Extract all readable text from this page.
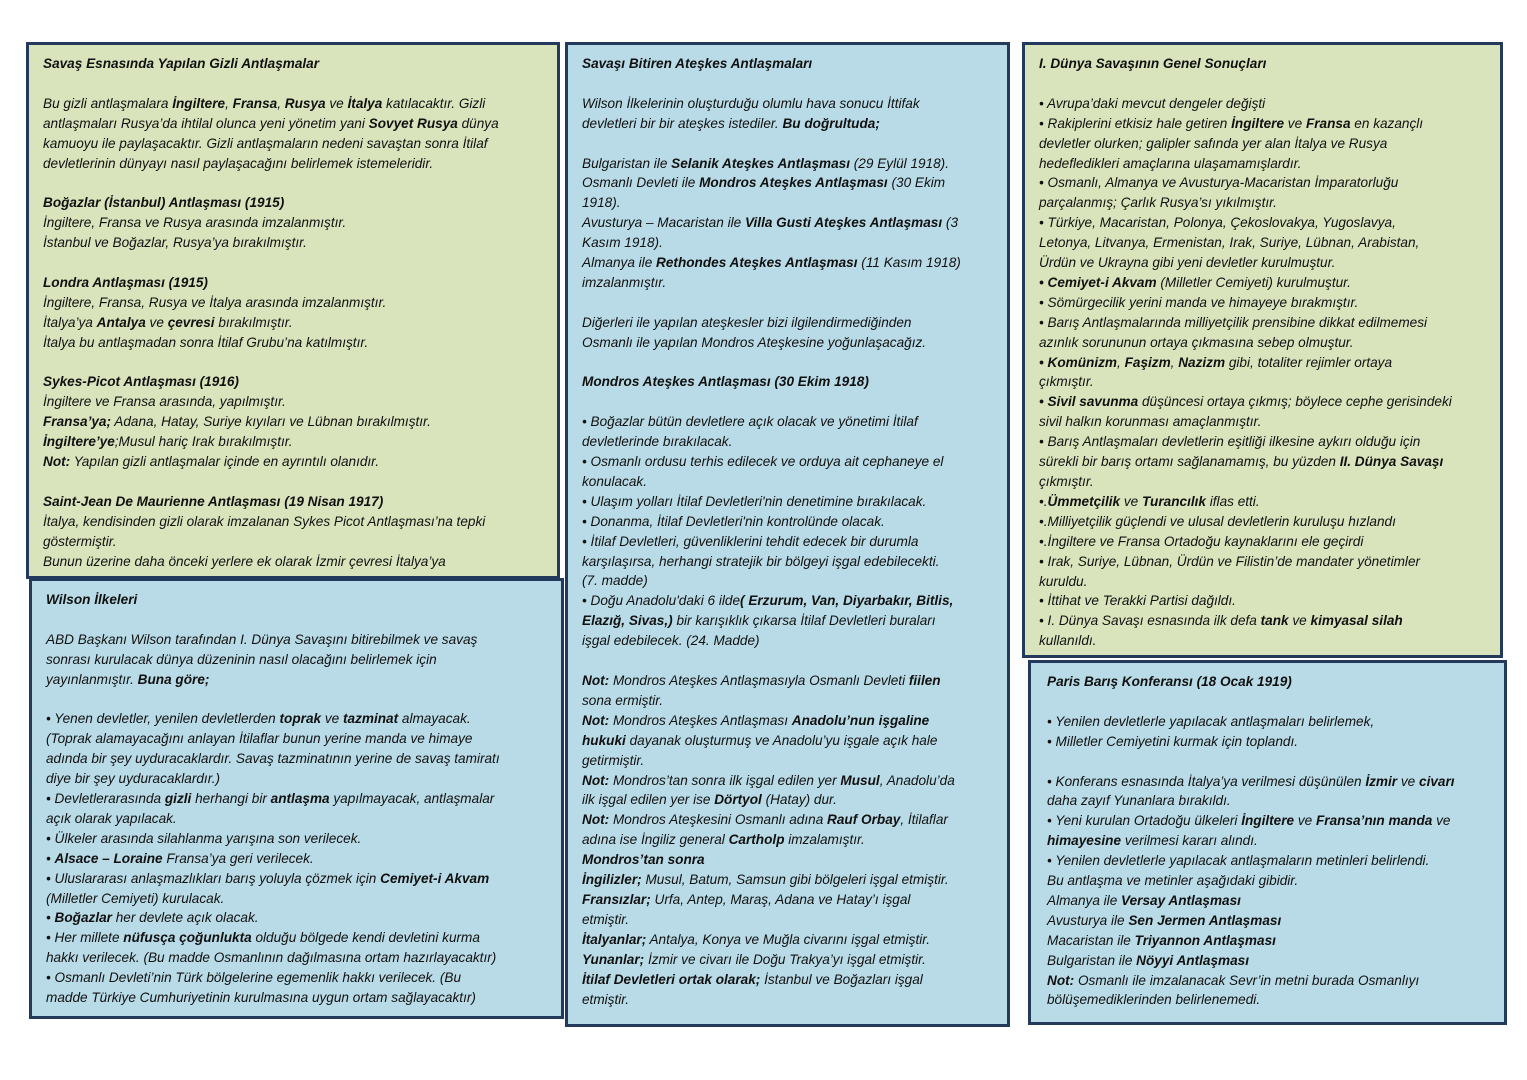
Savaş Esnasında Yapılan Gizli Antlaşmalar

Bu gizli antlaşmalara İngiltere, Fransa, Rusya ve İtalya katılacaktır. Gizli

antlaşmaları Rusya’da ihtilal olunca yeni yönetim yani Sovyet Rusya dünya

kamuoyu ile paylaşacaktır. Gizli antlaşmaların nedeni savaştan sonra İtilaf

devletlerinin dünyayı nasıl paylaşacağını belirlemek istemeleridir.

Boğazlar (İstanbul) Antlaşması (1915)

İngiltere, Fransa ve Rusya arasında imzalanmıştır.

İstanbul ve Boğazlar, Rusya’ya bırakılmıştır.

Londra Antlaşması (1915)

İngiltere, Fransa, Rusya ve İtalya arasında imzalanmıştır.

İtalya’ya Antalya ve çevresi bırakılmıştır.

İtalya bu antlaşmadan sonra İtilaf Grubu’na katılmıştır.

Sykes-Picot Antlaşması (1916)

İngiltere ve Fransa arasında, yapılmıştır.

Fransa’ya; Adana, Hatay, Suriye kıyıları ve Lübnan bırakılmıştır.

İngiltere’ye;Musul hariç Irak bırakılmıştır.

Not: Yapılan gizli antlaşmalar içinde en ayrıntılı olanıdır.

Saint-Jean De Maurienne Antlaşması (19 Nisan 1917)

İtalya, kendisinden gizli olarak imzalanan Sykes Picot Antlaşması’na tepki

göstermiştir.

Bunun üzerine daha önceki yerlere ek olarak İzmir çevresi İtalya’ya

Wilson İlkeleri

ABD Başkanı Wilson tarafından I. Dünya Savaşını bitirebilmek ve savaş

sonrası kurulacak dünya düzeninin nasıl olacağını belirlemek için

yayınlanmıştır. Buna göre;

• Yenen devletler, yenilen devletlerden toprak ve tazminat almayacak.

(Toprak alamayacağını anlayan İtilaflar bunun yerine manda ve himaye

adında bir şey uyduracaklardır. Savaş tazminatının yerine de savaş tamiratı

diye bir şey uyduracaklardır.)

• Devletlerarasında gizli herhangi bir antlaşma yapılmayacak, antlaşmalar

açık olarak yapılacak.

• Ülkeler arasında silahlanma yarışına son verilecek.

• Alsace – Loraine Fransa’ya geri verilecek.

• Uluslararası anlaşmazlıkları barış yoluyla çözmek için Cemiyet-i Akvam

(Milletler Cemiyeti) kurulacak.

• Boğazlar her devlete açık olacak.

• Her millete nüfusça çoğunlukta olduğu bölgede kendi devletini kurma

hakkı verilecek. (Bu madde Osmanlının dağılmasına ortam hazırlayacaktır)

• Osmanlı Devleti’nin Türk bölgelerine egemenlik hakkı verilecek. (Bu

madde Türkiye Cumhuriyetinin kurulmasına uygun ortam sağlayacaktır)

Savaşı Bitiren Ateşkes Antlaşmaları

Wilson İlkelerinin oluşturduğu olumlu hava sonucu İttifak

devletleri bir bir ateşkes istediler. Bu doğrultuda;

Bulgaristan ile Selanik Ateşkes Antlaşması (29 Eylül 1918).

Osmanlı Devleti ile Mondros Ateşkes Antlaşması (30 Ekim

1918).

Avusturya – Macaristan ile Villa Gusti Ateşkes Antlaşması (3

Kasım 1918).

Almanya ile Rethondes Ateşkes Antlaşması (11 Kasım 1918)

imzalanmıştır.

Diğerleri ile yapılan ateşkesler bizi ilgilendirmediğinden

Osmanlı ile yapılan Mondros Ateşkesine yoğunlaşacağız.

Mondros Ateşkes Antlaşması (30 Ekim 1918)

• Boğazlar bütün devletlere açık olacak ve yönetimi İtilaf

devletlerinde bırakılacak.

• Osmanlı ordusu terhis edilecek ve orduya ait cephaneye el

konulacak.

• Ulaşım yolları İtilaf Devletleri'nin denetimine bırakılacak.

• Donanma, İtilaf Devletleri'nin kontrolünde olacak.

• İtilaf Devletleri, güvenliklerini tehdit edecek bir durumla

karşılaşırsa, herhangi stratejik bir bölgeyi işgal edebilecekti.

(7. madde)

• Doğu Anadolu'daki 6 ilde( Erzurum, Van, Diyarbakır, Bitlis,

Elazığ, Sivas,) bir karışıklık çıkarsa İtilaf Devletleri buraları

işgal edebilecek. (24. Madde)

Not: Mondros Ateşkes Antlaşmasıyla Osmanlı Devleti fiilen

sona ermiştir.

Not: Mondros Ateşkes Antlaşması Anadolu’nun işgaline

hukuki dayanak oluşturmuş ve Anadolu’yu işgale açık hale

getirmiştir.

Not: Mondros’tan sonra ilk işgal edilen yer Musul, Anadolu’da

ilk işgal edilen yer ise Dörtyol (Hatay) dur.

Not: Mondros Ateşkesini Osmanlı adına Rauf Orbay, İtilaflar

adına ise İngiliz general Cartholp imzalamıştır.

Mondros’tan sonra

İngilizler; Musul, Batum, Samsun gibi bölgeleri işgal etmiştir.

Fransızlar; Urfa, Antep, Maraş, Adana ve Hatay’ı işgal

etmiştir.

İtalyanlar; Antalya, Konya ve Muğla civarını işgal etmiştir.

Yunanlar; İzmir ve civarı ile Doğu Trakya’yı işgal etmiştir.

İtilaf Devletleri ortak olarak; İstanbul ve Boğazları işgal

etmiştir.

I. Dünya Savaşının Genel Sonuçları

• Avrupa’daki mevcut dengeler değişti

• Rakiplerini etkisiz hale getiren İngiltere ve Fransa en kazançlı

devletler olurken; galipler safında yer alan İtalya ve Rusya

hedefledikleri amaçlarına ulaşamamışlardır.

• Osmanlı, Almanya ve Avusturya-Macaristan İmparatorluğu

parçalanmış; Çarlık Rusya’sı yıkılmıştır.

• Türkiye, Macaristan, Polonya, Çekoslovakya, Yugoslavya,

Letonya, Litvanya, Ermenistan, Irak, Suriye, Lübnan, Arabistan,

Ürdün ve Ukrayna gibi yeni devletler kurulmuştur.

• Cemiyet-i Akvam (Milletler Cemiyeti) kurulmuştur.

• Sömürgecilik yerini manda ve himayeye bırakmıştır.

• Barış Antlaşmalarında milliyetçilik prensibine dikkat edilmemesi

azınlık sorununun ortaya çıkmasına sebep olmuştur.

• Komünizm, Faşizm, Nazizm gibi, totaliter rejimler ortaya

çıkmıştır.

• Sivil savunma düşüncesi ortaya çıkmış; böylece cephe gerisindeki

sivil halkın korunması amaçlanmıştır.

• Barış Antlaşmaları devletlerin eşitliği ilkesine aykırı olduğu için

sürekli bir barış ortamı sağlanamamış, bu yüzden II. Dünya Savaşı

çıkmıştır.

•.Ümmetçilik ve Turancılık iflas etti.

•.Milliyetçilik güçlendi ve ulusal devletlerin kuruluşu hızlandı

•.İngiltere ve Fransa Ortadoğu kaynaklarını ele geçirdi

• Irak, Suriye, Lübnan, Ürdün ve Filistin’de mandater yönetimler

kuruldu.

• İttihat ve Terakki Partisi dağıldı.

• I. Dünya Savaşı esnasında ilk defa tank ve kimyasal silah

kullanıldı.

Paris Barış Konferansı (18 Ocak 1919)

• Yenilen devletlerle yapılacak antlaşmaları belirlemek,

• Milletler Cemiyetini kurmak için toplandı.

• Konferans esnasında İtalya’ya verilmesi düşünülen İzmir ve civarı

daha zayıf Yunanlara bırakıldı.

• Yeni kurulan Ortadoğu ülkeleri İngiltere ve Fransa’nın manda ve

himayesine verilmesi kararı alındı.

• Yenilen devletlerle yapılacak antlaşmaların metinleri belirlendi.

Bu antlaşma ve metinler aşağıdaki gibidir.

Almanya ile Versay Antlaşması

Avusturya ile Sen Jermen Antlaşması

Macaristan ile Triyannon Antlaşması

Bulgaristan ile Nöyyi Antlaşması

Not: Osmanlı ile imzalanacak Sevr’in metni burada Osmanlıyı

bölüşemediklerinden belirlenemedi.
